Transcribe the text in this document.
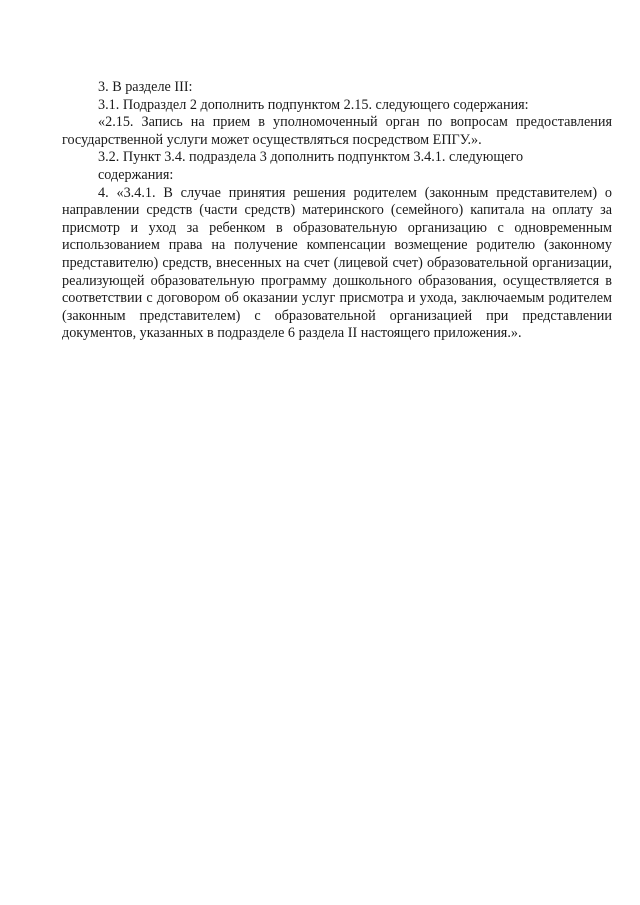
3. В разделе III:

3.1. Подраздел 2 дополнить подпунктом 2.15. следующего содержания:

«2.15. Запись на прием в уполномоченный орган по вопросам предоставления государственной услуги может осуществляться посредством ЕПГУ.».

3.2. Пункт 3.4. подраздела 3 дополнить подпунктом 3.4.1. следующего

содержания:

4. «3.4.1. В случае принятия решения родителем (законным представителем) о направлении средств (части средств) материнского (семейного) капитала на оплату за присмотр и уход за ребенком в образовательную организацию с одновременным использованием права на получение компенсации возмещение родителю (законному представителю) средств, внесенных на счет (лицевой счет) образовательной организации, реализующей образовательную программу дошкольного образования, осуществляется в соответствии с договором об оказании услуг присмотра и ухода, заключаемым родителем (законным представителем) с образовательной организацией при представлении документов, указанных в подразделе 6 раздела II настоящего приложения.».
